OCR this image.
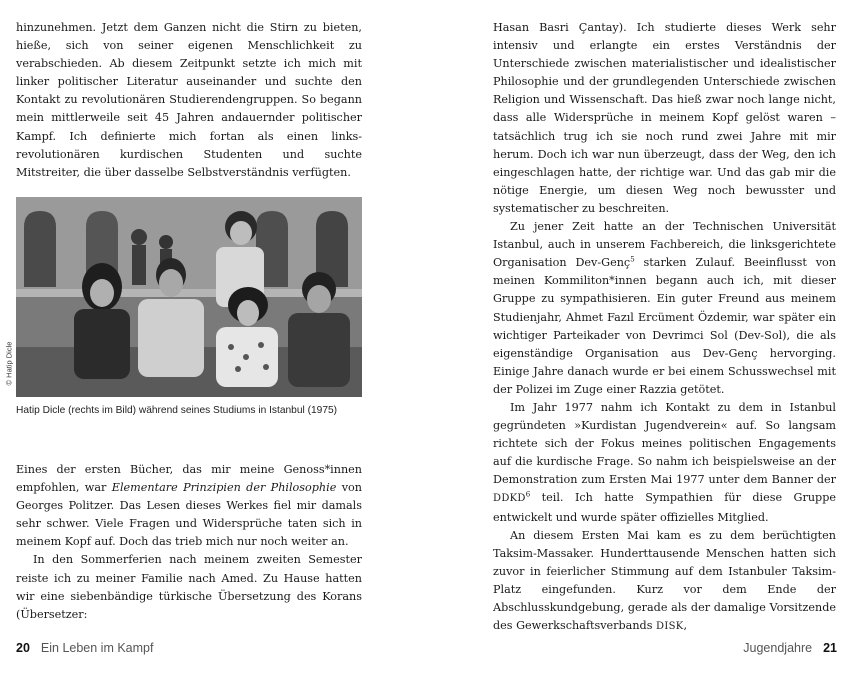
hinzunehmen. Jetzt dem Ganzen nicht die Stirn zu bieten, hieße, sich von seiner eigenen Menschlichkeit zu verabschieden. Ab diesem Zeitpunkt setzte ich mich mit linker politischer Literatur auseinander und suchte den Kontakt zu revolutionären Studierendengruppen. So begann mein mittlerweile seit 45 Jahren andauernder politischer Kampf. Ich definierte mich fortan als einen links-revolutionären kurdischen Studenten und suchte Mitstreiter, die über dasselbe Selbstverständnis verfügten.

© Hatip Dicle
Hatip Dicle (rechts im Bild) während seines Studiums in Istanbul (1975)

Eines der ersten Bücher, das mir meine Genoss*innen empfohlen, war Elementare Prinzipien der Philosophie von Georges Politzer. Das Lesen dieses Werkes fiel mir damals sehr schwer. Viele Fragen und Widersprüche taten sich in meinem Kopf auf. Doch das trieb mich nur noch weiter an.

In den Sommerferien nach meinem zweiten Semester reiste ich zu meiner Familie nach Amed. Zu Hause hatten wir eine siebenbändige türkische Übersetzung des Korans (Übersetzer:

20 Ein Leben im Kampf

Hasan Basri Çantay). Ich studierte dieses Werk sehr intensiv und erlangte ein erstes Verständnis der Unterschiede zwischen materialistischer und idealistischer Philosophie und der grundlegenden Unterschiede zwischen Religion und Wissenschaft. Das hieß zwar noch lange nicht, dass alle Widersprüche in meinem Kopf gelöst waren – tatsächlich trug ich sie noch rund zwei Jahre mit mir herum. Doch ich war nun überzeugt, dass der Weg, den ich eingeschlagen hatte, der richtige war. Und das gab mir die nötige Energie, um diesen Weg noch bewusster und systematischer zu beschreiten.

Zu jener Zeit hatte an der Technischen Universität Istanbul, auch in unserem Fachbereich, die linksgerichtete Organisation Dev-Genç$^5$ starken Zulauf. Beeinflusst von meinen Kommiliton*innen begann auch ich, mit dieser Gruppe zu sympathisieren. Ein guter Freund aus meinem Studienjahr, Ahmet Fazıl Ercüment Özdemir, war später ein wichtiger Parteikader von Devrimci Sol (Dev-Sol), die als eigenständige Organisation aus Dev-Genç hervorging. Einige Jahre danach wurde er bei einem Schusswechsel mit der Polizei im Zuge einer Razzia getötet.

Im Jahr 1977 nahm ich Kontakt zu dem in Istanbul gegründeten »Kurdistan Jugendverein« auf. So langsam richtete sich der Fokus meines politischen Engagements auf die kurdische Frage. So nahm ich beispielsweise an der Demonstration zum Ersten Mai 1977 unter dem Banner der DDKD$^6$ teil. Ich hatte Sympathien für diese Gruppe entwickelt und wurde später offizielles Mitglied.

An diesem Ersten Mai kam es zu dem berüchtigten Taksim-Massaker. Hunderttausende Menschen hatten sich zuvor in feierlicher Stimmung auf dem Istanbuler Taksim-Platz eingefunden. Kurz vor dem Ende der Abschlusskundgebung, gerade als der damalige Vorsitzende des Gewerkschaftsverbands DISK,

Jugendjahre 21
